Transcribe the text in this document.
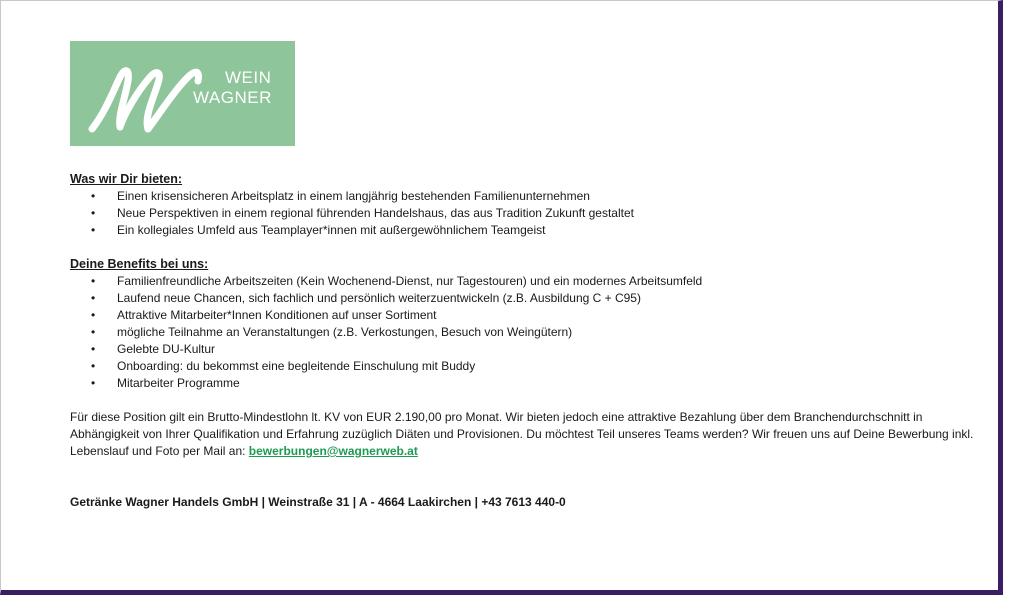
WEIN
WAGNER

Was wir Dir bieten:

• Einen krisensicheren Arbeitsplatz in einem langjährig bestehenden Familienunternehmen
• Neue Perspektiven in einem regional führenden Handelshaus, das aus Tradition Zukunft gestaltet
• Ein kollegiales Umfeld aus Teamplayer*innen mit außergewöhnlichem Teamgeist

Deine Benefits bei uns:

• Familienfreundliche Arbeitszeiten (Kein Wochenend-Dienst, nur Tagestouren) und ein modernes Arbeitsumfeld
• Laufend neue Chancen, sich fachlich und persönlich weiterzuentwickeln (z.B. Ausbildung C + C95)
• Attraktive Mitarbeiter*Innen Konditionen auf unser Sortiment
• mögliche Teilnahme an Veranstaltungen (z.B. Verkostungen, Besuch von Weingütern)
• Gelebte DU-Kultur
• Onboarding: du bekommst eine begleitende Einschulung mit Buddy
• Mitarbeiter Programme

Für diese Position gilt ein Brutto-Mindestlohn lt. KV von EUR 2.190,00 pro Monat. Wir bieten jedoch eine attraktive Bezahlung über dem Branchendurchschnitt in Abhängigkeit von Ihrer Qualifikation und Erfahrung zuzüglich Diäten und Provisionen. Du möchtest Teil unseres Teams werden? Wir freuen uns auf Deine Bewerbung inkl. Lebenslauf und Foto per Mail an: bewerbungen@wagnerweb.at

Getränke Wagner Handels GmbH | Weinstraße 31 | A - 4664 Laakirchen | +43 7613 440-0
